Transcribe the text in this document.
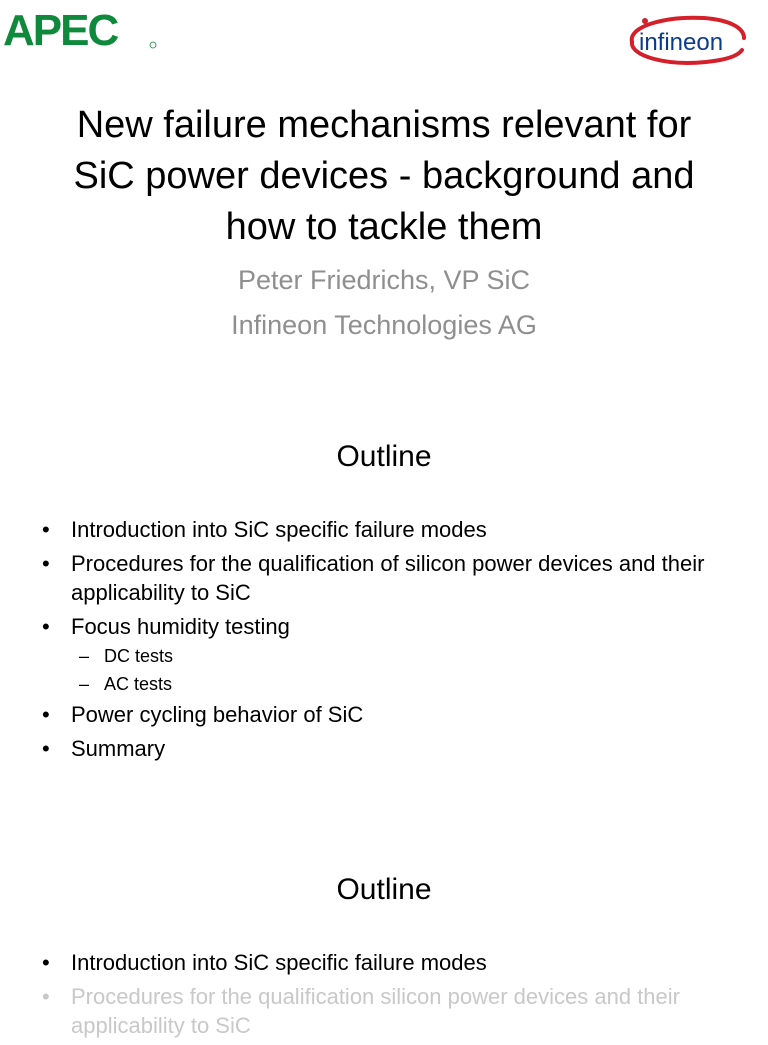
APEC	infineon
New failure mechanisms relevant for
SiC power devices - background and
how to tackle them

Peter Friedrichs, VP SiC

Infineon Technologies AG

Outline
• Introduction into SiC specific failure modes
• Procedures for the qualification of silicon power devices and their applicability to SiC
• Focus humidity testing
– DC tests
– AC tests
• Power cycling behavior of SiC
• Summary
Outline
• Introduction into SiC specific failure modes
• Procedures for the qualification silicon power devices and their applicability to SiC
